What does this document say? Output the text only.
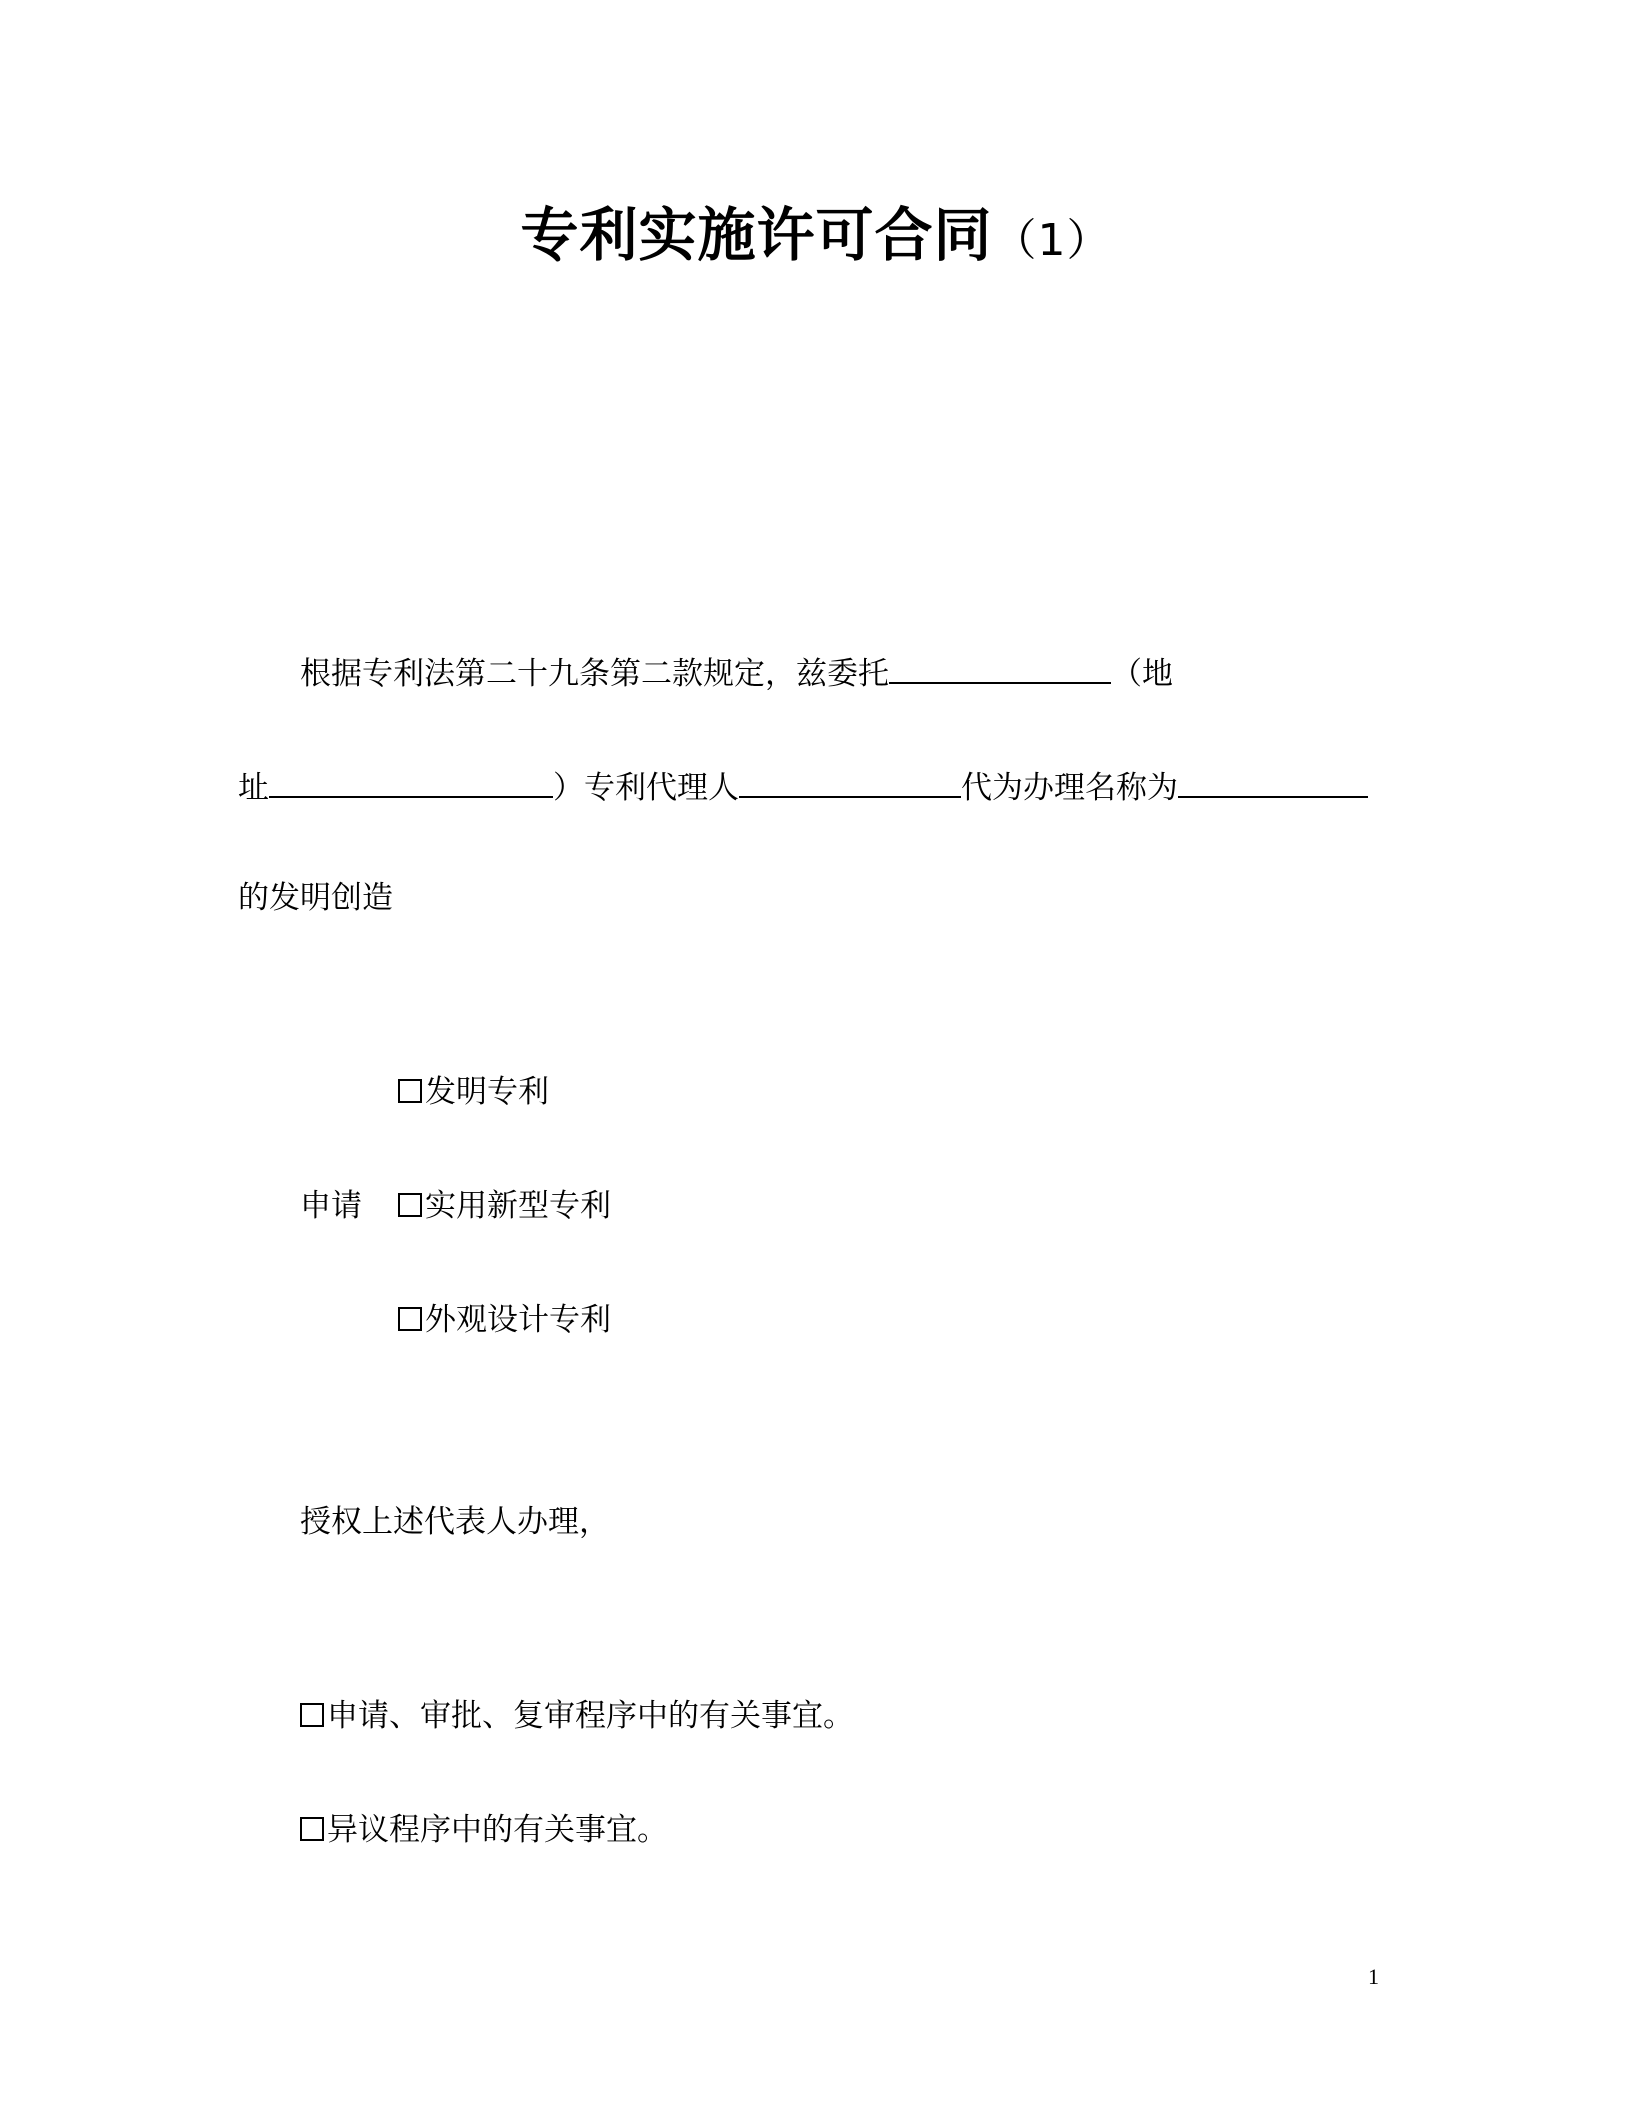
专利实施许可合同（1）
根据专利法第二十九条第二款规定，兹委托	（地
址	）专利代理人	代为办理名称为
的发明创造
发明专利
申请	实用新型专利
外观设计专利
授权上述代表人办理，
申请、审批、复审程序中的有关事宜。
异议程序中的有关事宜。
1
